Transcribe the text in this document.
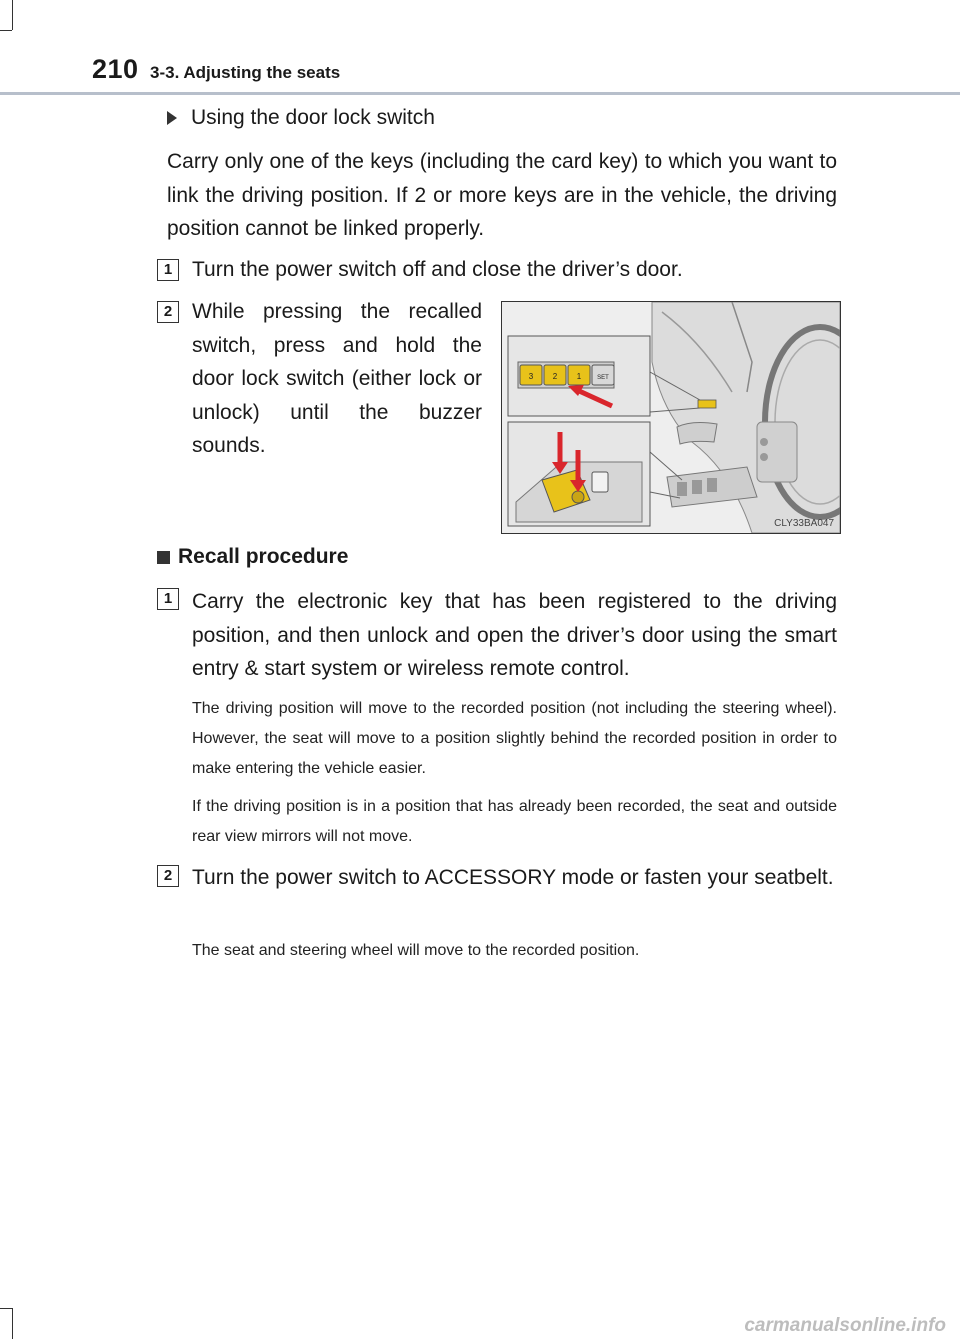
210 3-3. Adjusting the seats
Using the door lock switch

Carry only one of the keys (including the card key) to which you want to link the driving position. If 2 or more keys are in the vehicle, the driving position cannot be linked properly.

1 Turn the power switch off and close the driver’s door.

2 While pressing the recalled switch, press and hold the door lock switch (either lock or unlock) until the buzzer sounds.

3 2 1	SET
CLY33BA047
Recall procedure
1 Carry the electronic key that has been registered to the driving position, and then unlock and open the driver’s door using the smart entry & start system or wireless remote control.

The driving position will move to the recorded position (not including the steering wheel). However, the seat will move to a position slightly behind the recorded position in order to make entering the vehicle easier.

If the driving position is in a position that has already been recorded, the seat and outside rear view mirrors will not move.

2 Turn the power switch to ACCESSORY mode or fasten your seatbelt.

The seat and steering wheel will move to the recorded position.

carmanualsonline.info
